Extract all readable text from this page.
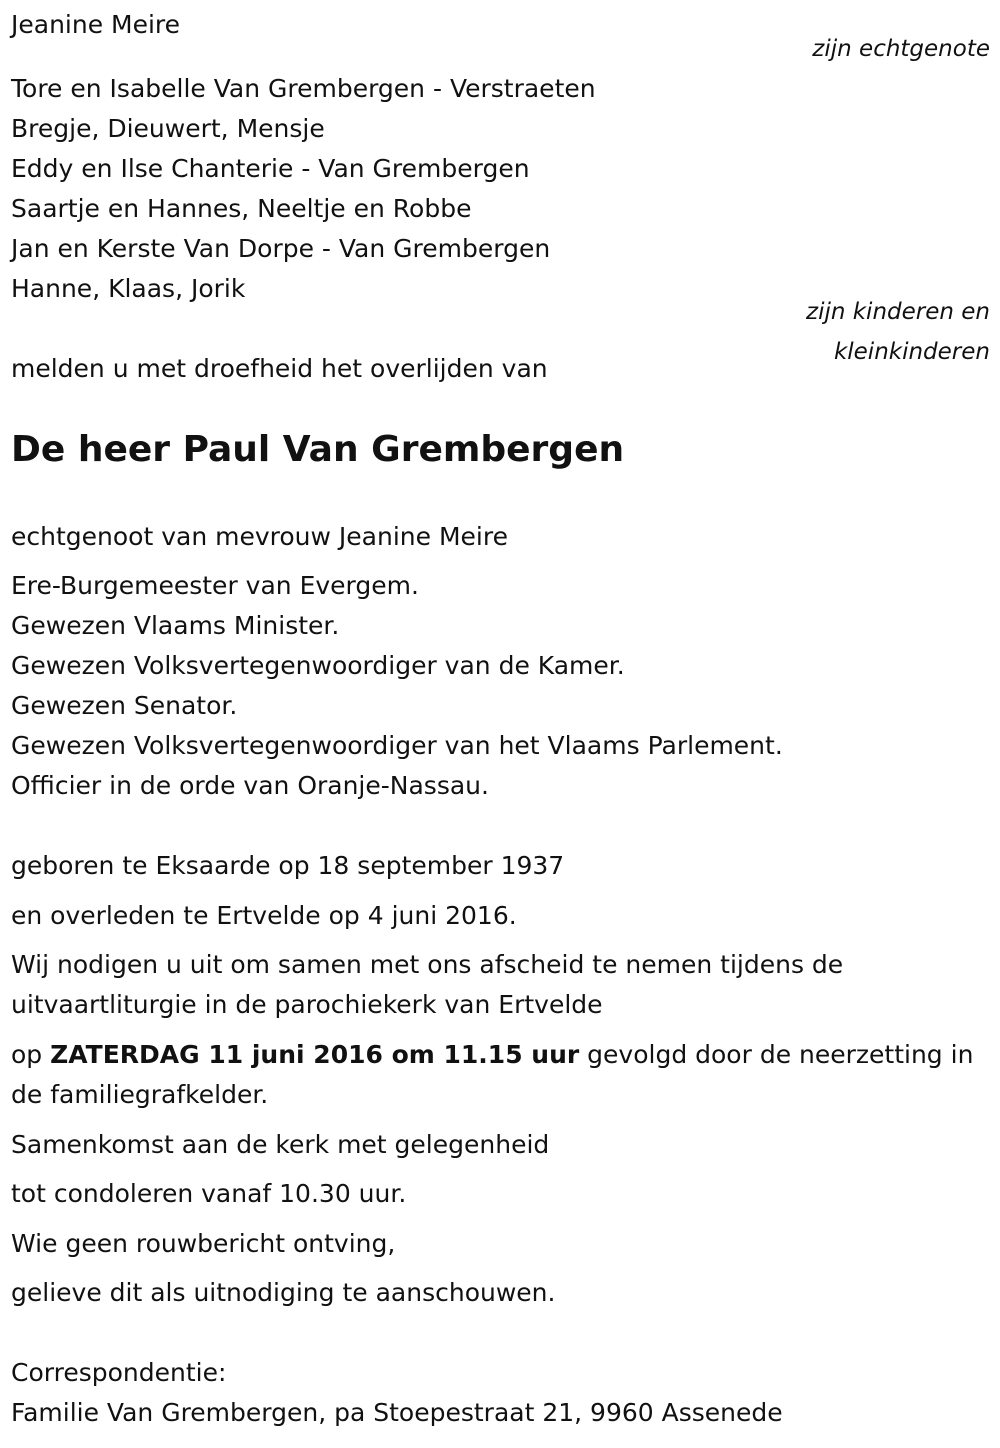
Jeanine Meire

zijn echtgenote

Tore en Isabelle Van Grembergen - Verstraeten

Bregje, Dieuwert, Mensje

Eddy en Ilse Chanterie - Van Grembergen

Saartje en Hannes, Neeltje en Robbe

Jan en Kerste Van Dorpe - Van Grembergen

Hanne, Klaas, Jorik

zijn kinderen en
kleinkinderen

melden u met droefheid het overlijden van

De heer Paul Van Grembergen

echtgenoot van mevrouw Jeanine Meire

Ere-Burgemeester van Evergem.

Gewezen Vlaams Minister.

Gewezen Volksvertegenwoordiger van de Kamer.

Gewezen Senator.

Gewezen Volksvertegenwoordiger van het Vlaams Parlement.

Officier in de orde van Oranje-Nassau.

geboren te Eksaarde op 18 september 1937

en overleden te Ertvelde op 4 juni 2016.

Wij nodigen u uit om samen met ons afscheid te nemen tijdens de

uitvaartliturgie in de parochiekerk van Ertvelde

op ZATERDAG 11 juni 2016 om 11.15 uur gevolgd door de neerzetting in

de familiegrafkelder.

Samenkomst aan de kerk met gelegenheid

tot condoleren vanaf 10.30 uur.

Wie geen rouwbericht ontving,

gelieve dit als uitnodiging te aanschouwen.

Correspondentie:

Familie Van Grembergen, pa Stoepestraat 21, 9960 Assenede
